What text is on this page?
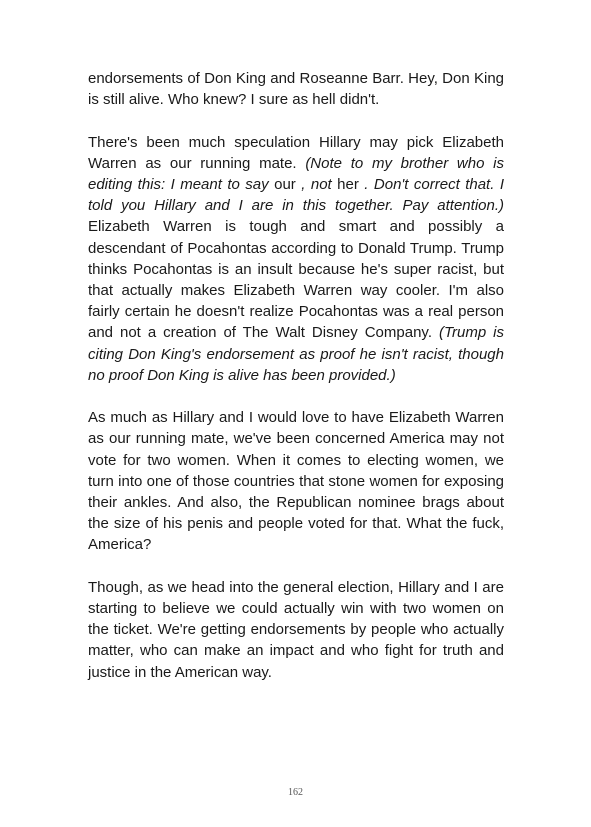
endorsements of Don King and Roseanne Barr. Hey, Don King is still alive. Who knew? I sure as hell didn't.

There's been much speculation Hillary may pick Elizabeth Warren as our running mate. (Note to my brother who is editing this: I meant to say our , not her . Don't correct that. I told you Hillary and I are in this together. Pay attention.) Elizabeth Warren is tough and smart and possibly a descendant of Pocahontas according to Donald Trump. Trump thinks Pocahontas is an insult because he's super racist, but that actually makes Elizabeth Warren way cooler. I'm also fairly certain he doesn't realize Pocahontas was a real person and not a creation of The Walt Disney Company. (Trump is citing Don King's endorsement as proof he isn't racist, though no proof Don King is alive has been provided.)

As much as Hillary and I would love to have Elizabeth Warren as our running mate, we've been concerned America may not vote for two women. When it comes to electing women, we turn into one of those countries that stone women for exposing their ankles. And also, the Republican nominee brags about the size of his penis and people voted for that. What the fuck, America?

Though, as we head into the general election, Hillary and I are starting to believe we could actually win with two women on the ticket. We're getting endorsements by people who actually matter, who can make an impact and who fight for truth and justice in the American way.

162
